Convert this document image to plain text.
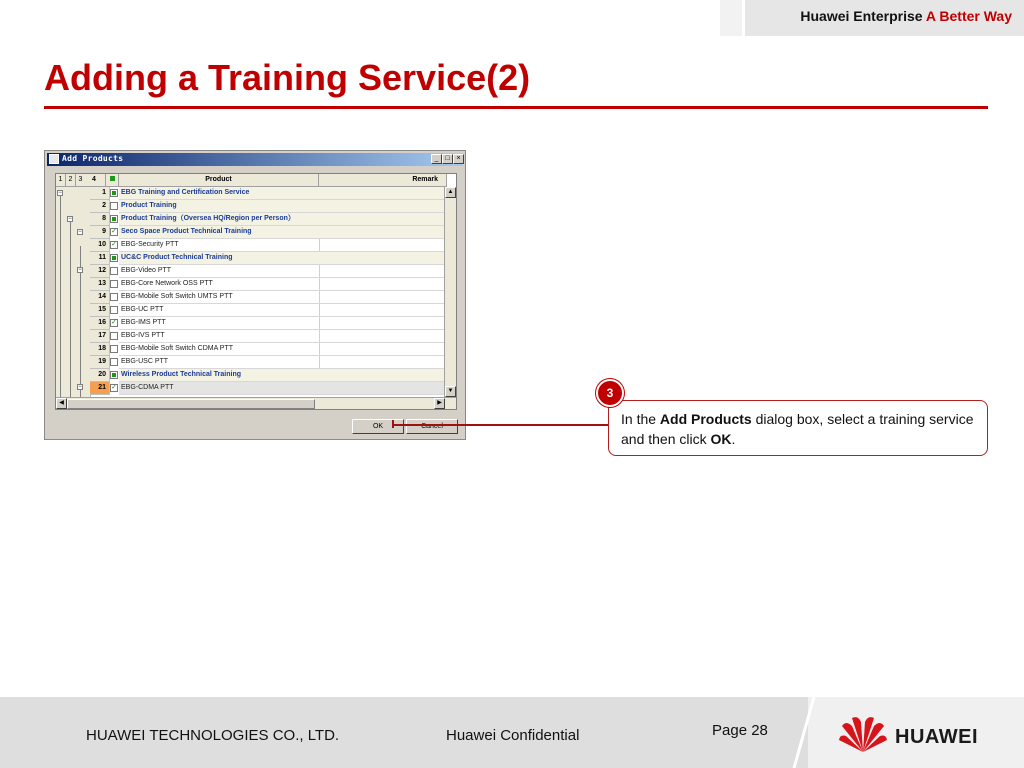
Huawei Enterprise A Better Way
Adding a Training Service(2)
Add Products	_ □ ×
1 2 3	4	Product	Remark
−
−
−
−
−
1	EBG Training and Certification Service
2	Product Training
8	Product Training（Oversea HQ/Region per Person）
9 ✓ Seco Space Product Technical Training
10 ✓ EBG-Security PTT
11	UC&C Product Technical Training
12	EBG-Video PTT
13	EBG-Core Network OSS PTT
14	EBG-Mobile Soft Switch UMTS PTT
15	EBG-UC PTT
16 ✓ EBG-IMS PTT
17	EBG-IVS PTT
18	EBG-Mobile Soft Switch CDMA PTT
19	EBG-USC PTT
20	Wireless Product Technical Training
21 ✓ EBG-CDMA PTT
▲
▼
◀	▶
OK	Cancel	In the Add Products dialog box, select a training service and then click OK.
3
HUAWEI TECHNOLOGIES CO., LTD.	Huawei Confidential	Page 28	HUAWEI
